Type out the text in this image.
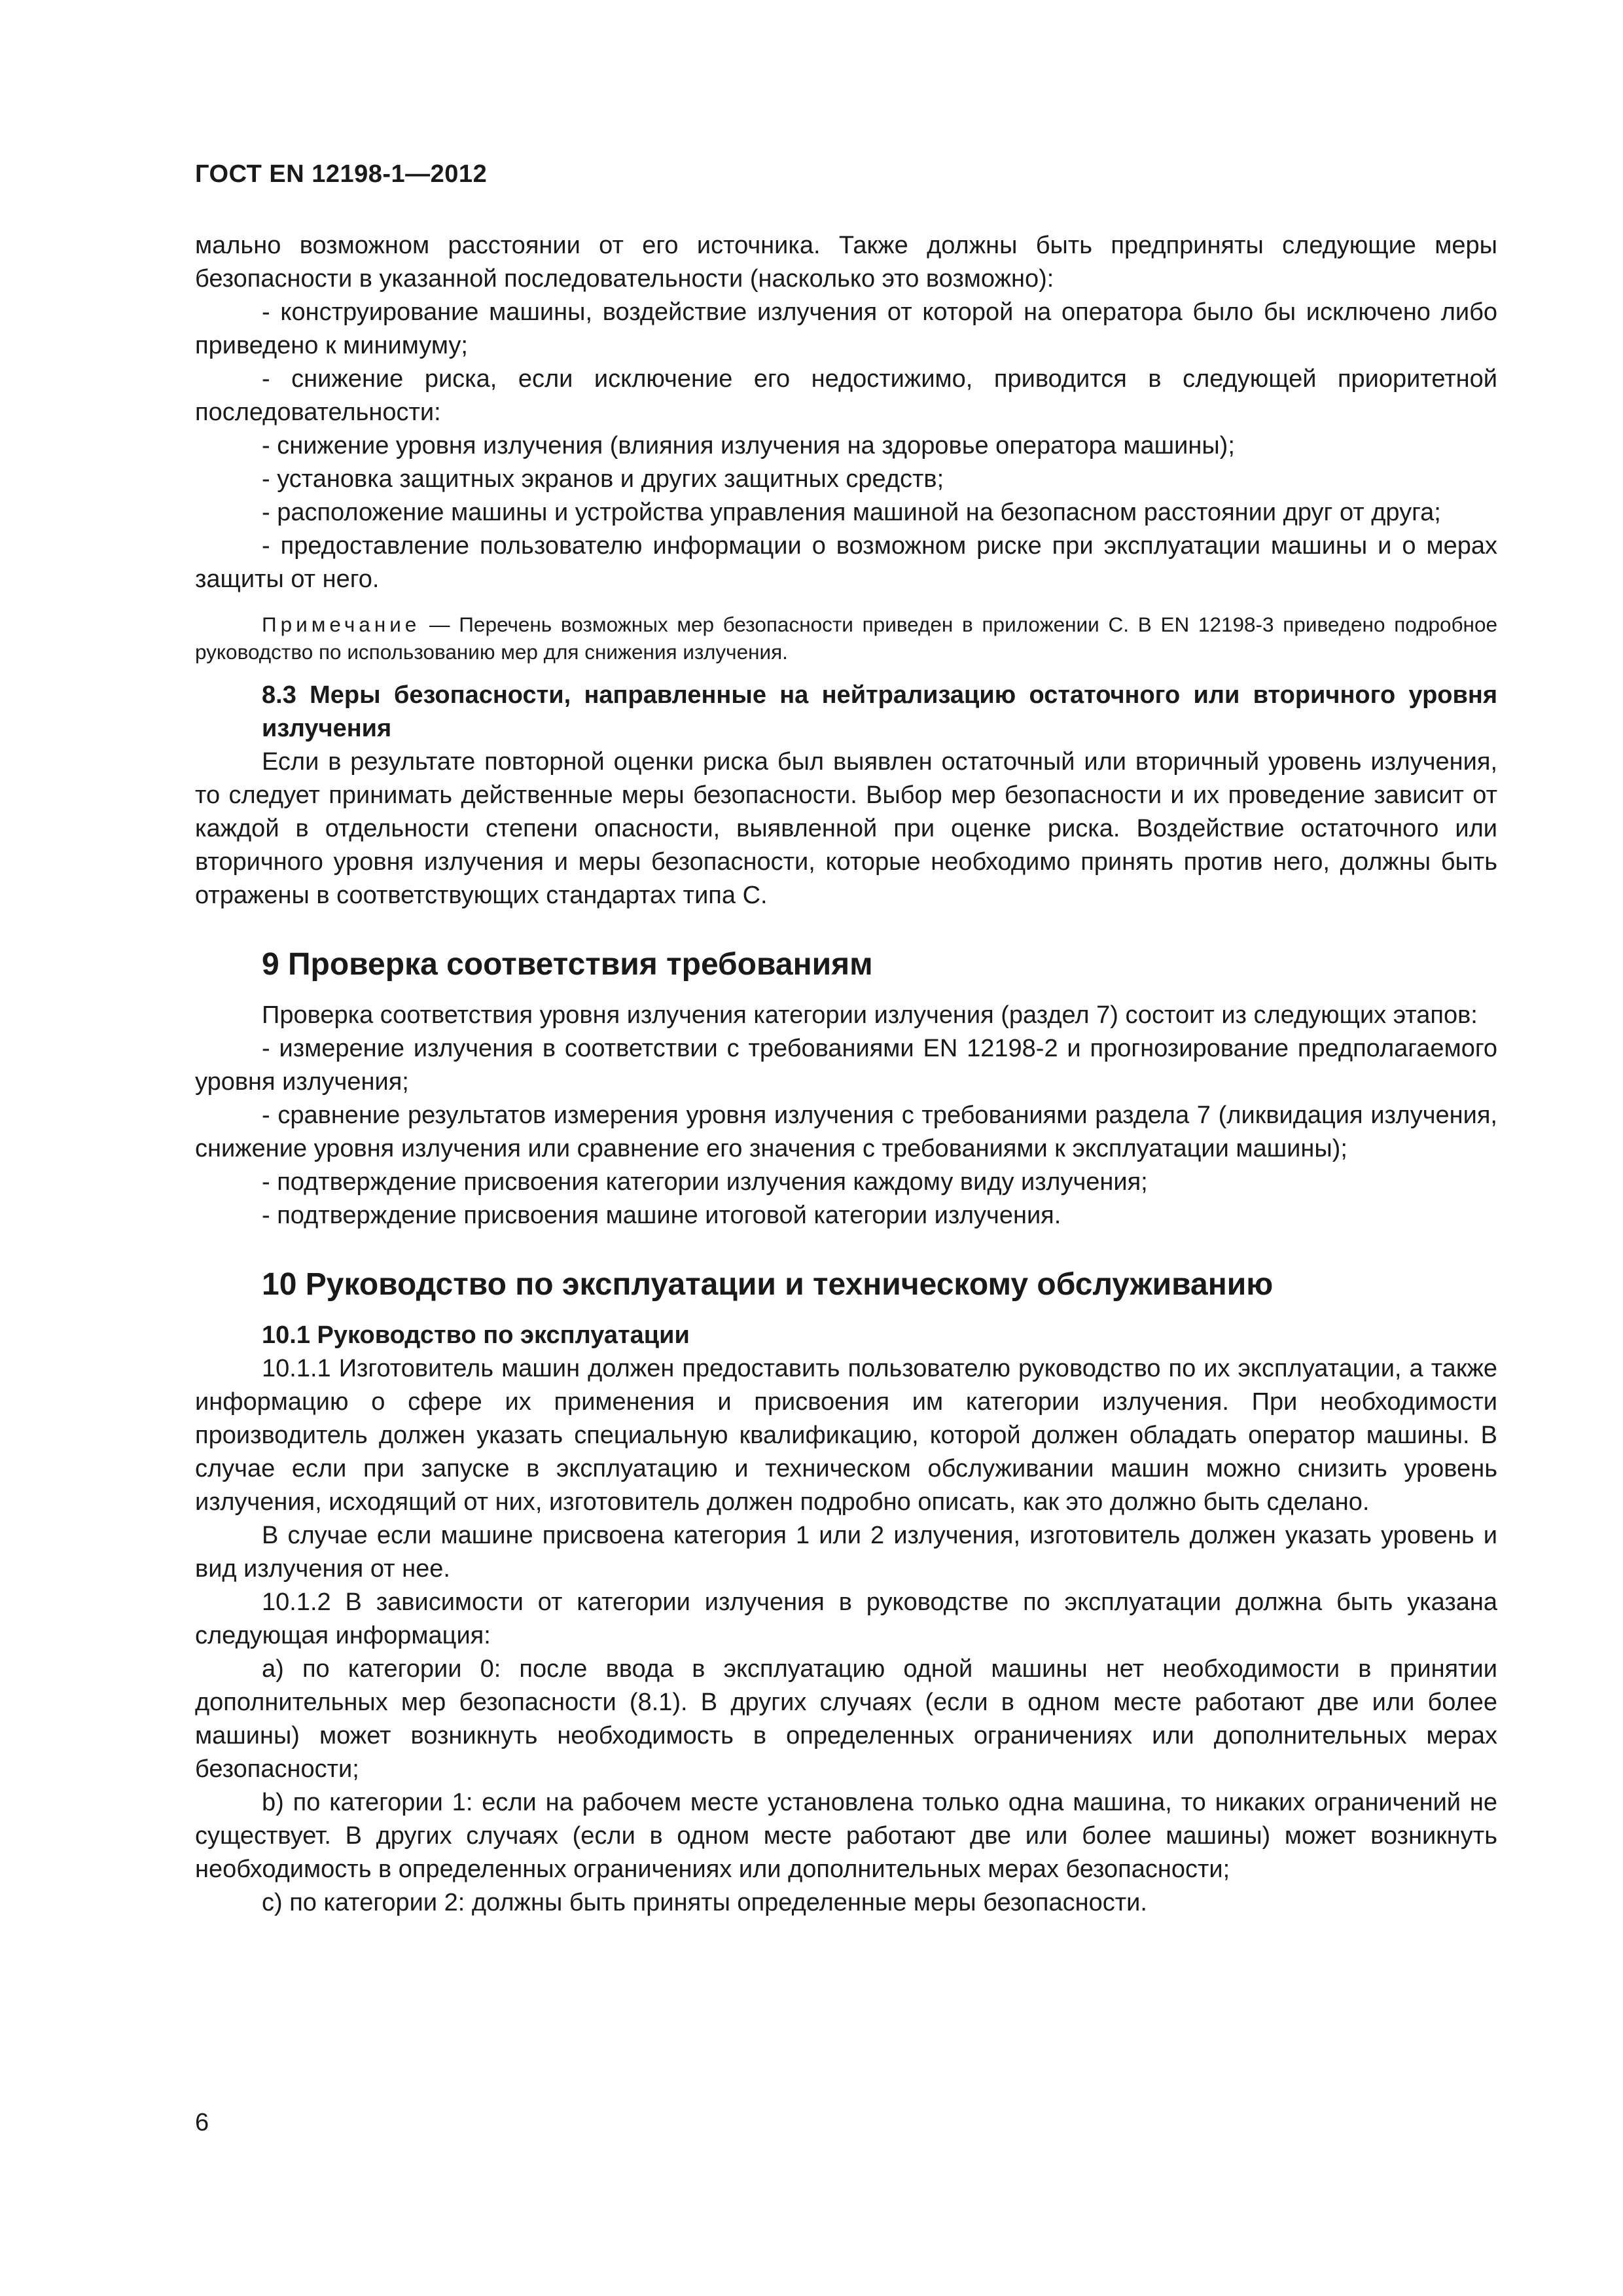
ГОСТ EN 12198-1—2012

мально возможном расстоянии от его источника. Также должны быть предприняты следующие меры безопасности в указанной последовательности (насколько это возможно):

- конструирование машины, воздействие излучения от которой на оператора было бы исключено либо приведено к минимуму;

- снижение риска, если исключение его недостижимо, приводится в следующей приоритетной последовательности:

- снижение уровня излучения (влияния излучения на здоровье оператора машины);

- установка защитных экранов и других защитных средств;

- расположение машины и устройства управления машиной на безопасном расстоянии друг от друга;

- предоставление пользователю информации о возможном риске при эксплуатации машины и о мерах защиты от него.

Примечание — Перечень возможных мер безопасности приведен в приложении С. В EN 12198-3 приведено подробное руководство по использованию мер для снижения излучения.

8.3 Меры безопасности, направленные на нейтрализацию остаточного или вторичного уровня излучения

Если в результате повторной оценки риска был выявлен остаточный или вторичный уровень излучения, то следует принимать действенные меры безопасности. Выбор мер безопасности и их проведение зависит от каждой в отдельности степени опасности, выявленной при оценке риска. Воздействие остаточного или вторичного уровня излучения и меры безопасности, которые необходимо принять против него, должны быть отражены в соответствующих стандартах типа С.

9 Проверка соответствия требованиям

Проверка соответствия уровня излучения категории излучения (раздел 7) состоит из следующих этапов:

- измерение излучения в соответствии с требованиями EN 12198-2 и прогнозирование предполагаемого уровня излучения;

- сравнение результатов измерения уровня излучения с требованиями раздела 7 (ликвидация излучения, снижение уровня излучения или сравнение его значения с требованиями к эксплуатации машины);

- подтверждение присвоения категории излучения каждому виду излучения;

- подтверждение присвоения машине итоговой категории излучения.

10 Руководство по эксплуатации и техническому обслуживанию

10.1 Руководство по эксплуатации

10.1.1 Изготовитель машин должен предоставить пользователю руководство по их эксплуатации, а также информацию о сфере их применения и присвоения им категории излучения. При необходимости производитель должен указать специальную квалификацию, которой должен обладать оператор машины. В случае если при запуске в эксплуатацию и техническом обслуживании машин можно снизить уровень излучения, исходящий от них, изготовитель должен подробно описать, как это должно быть сделано.

В случае если машине присвоена категория 1 или 2 излучения, изготовитель должен указать уровень и вид излучения от нее.

10.1.2 В зависимости от категории излучения в руководстве по эксплуатации должна быть указана следующая информация:

а) по категории 0: после ввода в эксплуатацию одной машины нет необходимости в принятии дополнительных мер безопасности (8.1). В других случаях (если в одном месте работают две или более машины) может возникнуть необходимость в определенных ограничениях или дополнительных мерах безопасности;

b) по категории 1: если на рабочем месте установлена только одна машина, то никаких ограничений не существует. В других случаях (если в одном месте работают две или более машины) может возникнуть необходимость в определенных ограничениях или дополнительных мерах безопасности;

с) по категории 2: должны быть приняты определенные меры безопасности.

6
